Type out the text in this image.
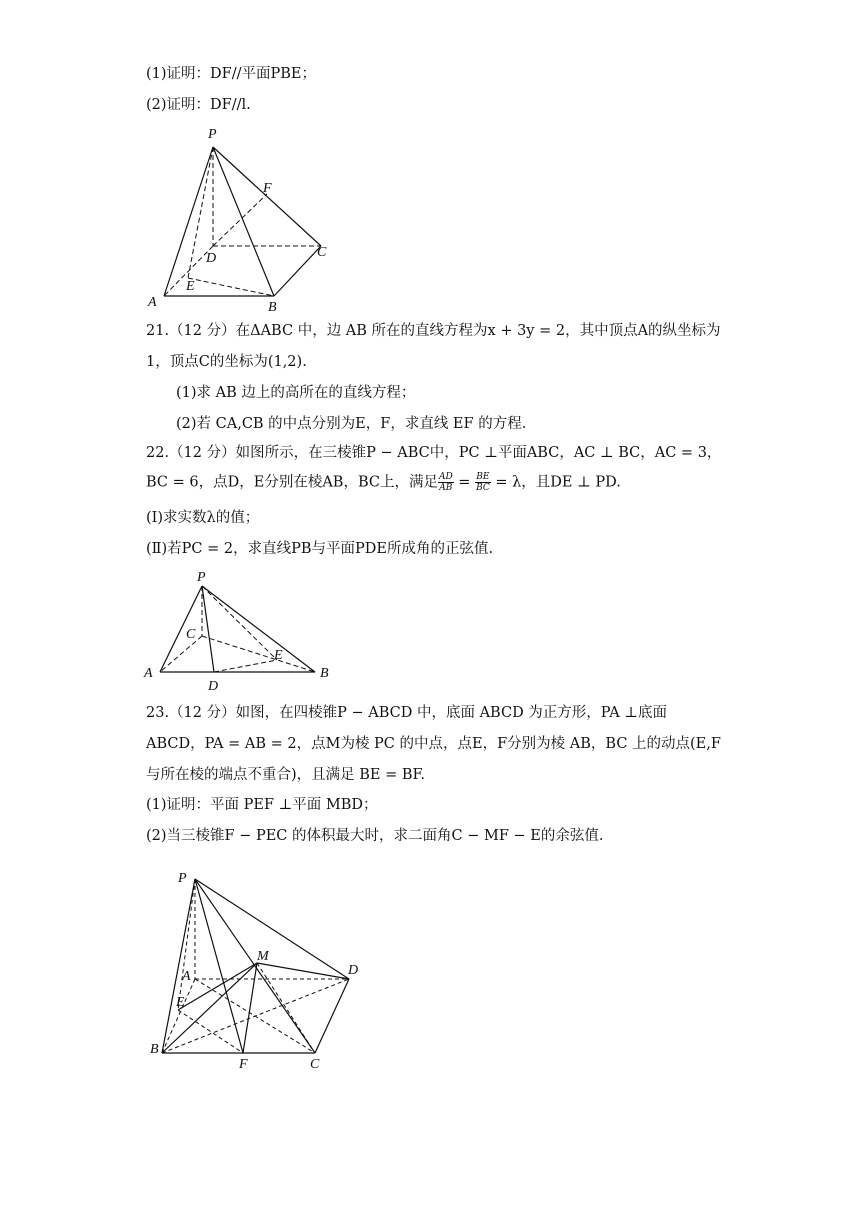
(1)证明：DF//平面PBE；
(2)证明：DF//l.
P
F
D	C
A
E
B
21.（12 分）在ΔABC 中，边 AB 所在的直线方程为x + 3y = 2，其中顶点A的纵坐标为
1，顶点C的坐标为(1,2).
(1)求 AB 边上的高所在的直线方程；
(2)若 CA,CB 的中点分别为E，F，求直线 EF 的方程.
22.（12 分）如图所示，在三棱锥P − ABC中，PC ⊥平面ABC，AC ⊥ BC，AC = 3，
BC = 6，点D，E分别在棱AB，BC上，满足 $\frac{AD}{AB} = \frac{BE}{BC} = \lambda$，且DE ⊥ PD.
(Ⅰ)求实数λ的值；
(Ⅱ)若PC = 2，求直线PB与平面PDE所成角的正弦值.
P
C
A
E
B
D
23.（12 分）如图，在四棱锥P − ABCD 中，底面 ABCD 为正方形，PA ⊥底面
ABCD，PA = AB = 2，点M为棱 PC 的中点，点E，F分别为棱 AB，BC 上的动点(E,F
与所在棱的端点不重合)，且满足 BE = BF.
(1)证明：平面 PEF ⊥平面 MBD；
(2)当三棱锥F − PEC 的体积最大时，求二面角C − MF − E的余弦值.
P
M
D
A
E
B
F	C
